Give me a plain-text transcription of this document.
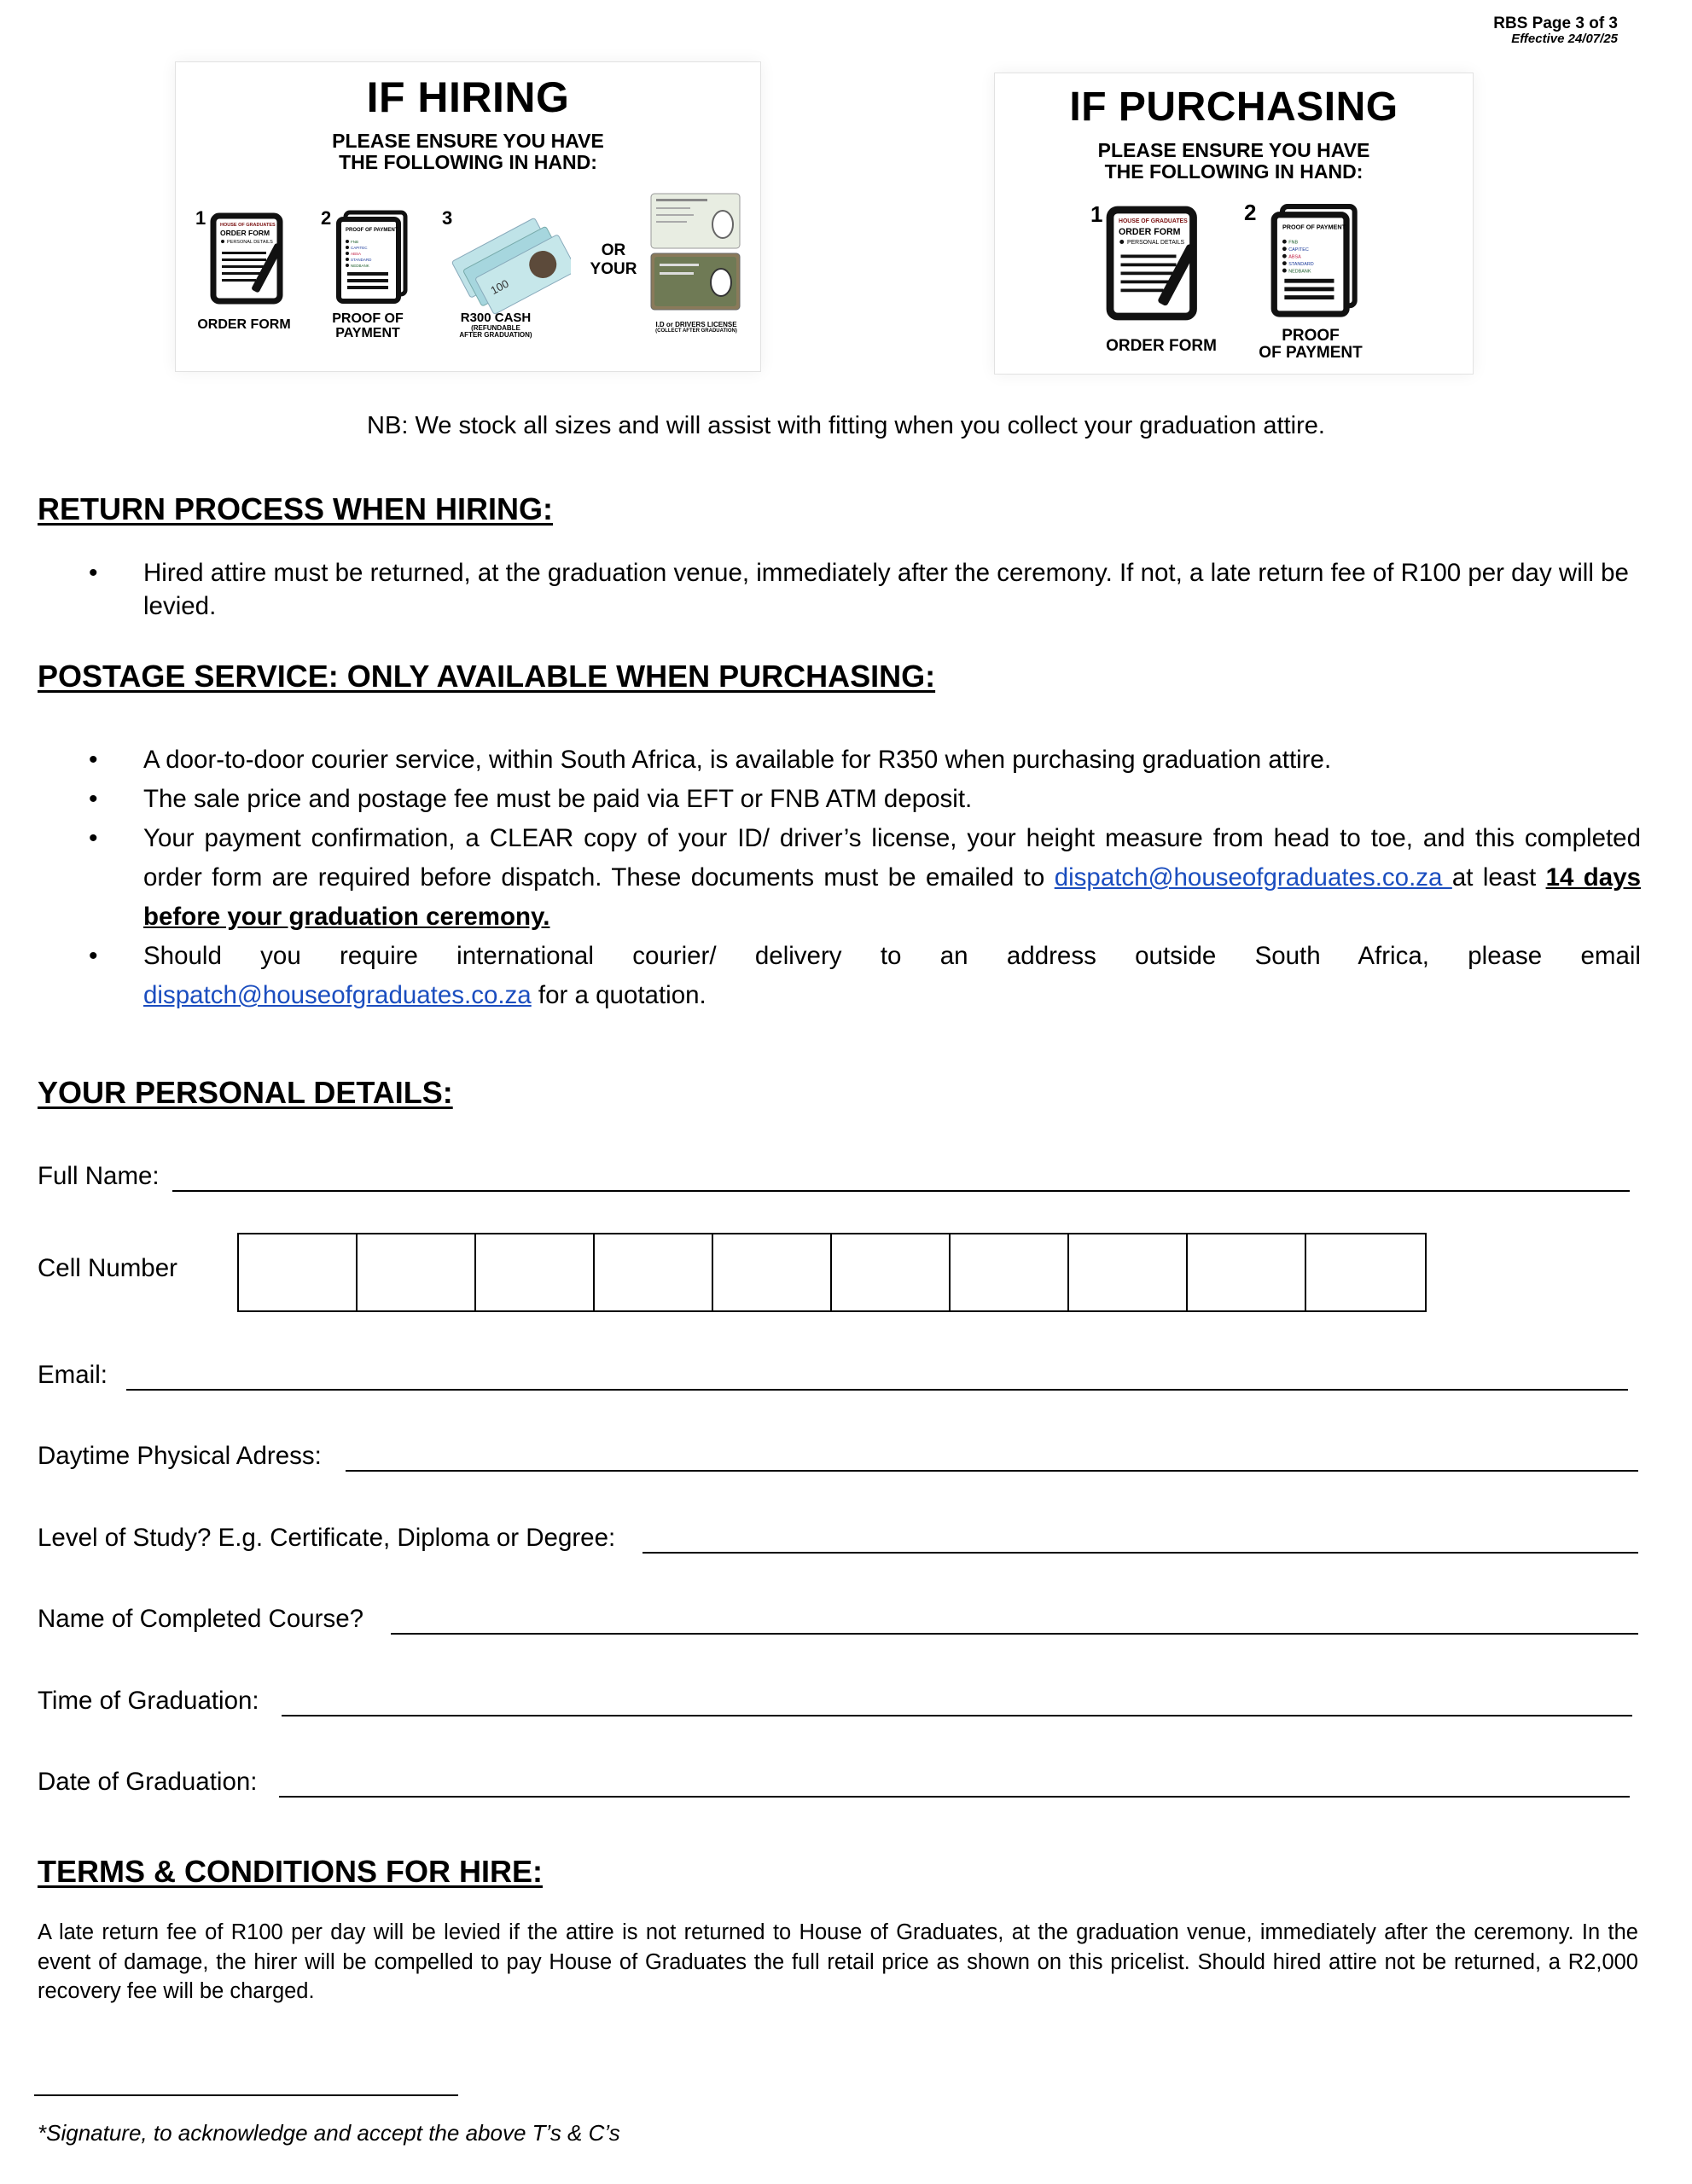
RBS Page 3 of 3
Effective 24/07/25
IF HIRING
PLEASE ENSURE YOU HAVE
THE FOLLOWING IN HAND:
1	HOUSE OF GRADUATES
ORDER FORM
PERSONAL DETAILS
ORDER FORM
2
PROOF OF PAYMENT
FNB
CAPITEC
ABSA
STANDARD
NEDBANK
PROOF OF PAYMENT
3
100
R300 CASH
(REFUNDABLE
AFTER GRADUATION)
OR
YOUR
I.D or DRIVERS LICENSE
(COLLECT AFTER GRADUATION)
IF PURCHASING
PLEASE ENSURE YOU HAVE
THE FOLLOWING IN HAND:
1	HOUSE OF GRADUATES
ORDER FORM
PERSONAL DETAILS
ORDER FORM
2
PROOF OF PAYMENT
FNB
CAPITEC
ABSA
STANDARD
NEDBANK
PROOF
OF PAYMENT
NB: We stock all sizes and will assist with fitting when you collect your graduation attire.
RETURN PROCESS WHEN HIRING:
• Hired attire must be returned, at the graduation venue, immediately after the ceremony. If not, a late return fee of R100 per day will be levied.
POSTAGE SERVICE: ONLY AVAILABLE WHEN PURCHASING:
• A door-to-door courier service, within South Africa, is available for R350 when purchasing graduation attire.
• The sale price and postage fee must be paid via EFT or FNB ATM deposit.
• Your payment confirmation, a CLEAR copy of your ID/ driver’s license, your height measure from head to toe, and this completed order form are required before dispatch. These documents must be emailed to dispatch@houseofgraduates.co.za at least 14 days before your graduation ceremony.
• Should you require international courier/ delivery to an address outside South Africa, please email
dispatch@houseofgraduates.co.za for a quotation.
YOUR PERSONAL DETAILS:
Full Name:
Cell Number
Email:
Daytime Physical Adress:
Level of Study? E.g. Certificate, Diploma or Degree:
Name of Completed Course?
Time of Graduation:
Date of Graduation:
TERMS & CONDITIONS FOR HIRE:

A late return fee of R100 per day will be levied if the attire is not returned to House of Graduates, at the graduation venue, immediately after the ceremony. In the event of damage, the hirer will be compelled to pay House of Graduates the full retail price as shown on this pricelist. Should hired attire not be returned, a R2,000 recovery fee will be charged.

*Signature, to acknowledge and accept the above T’s & C’s
